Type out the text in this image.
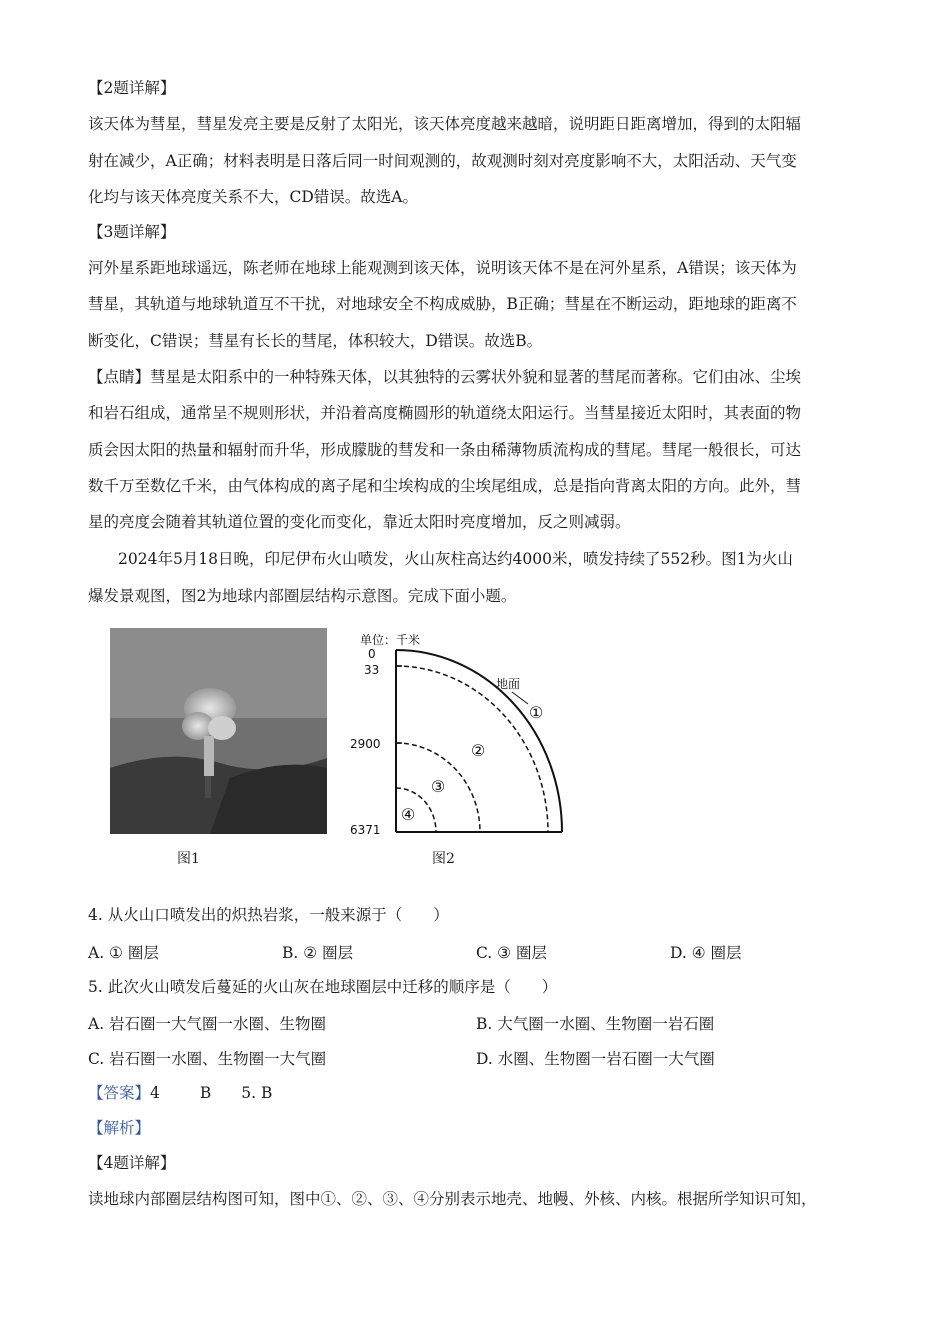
【2题详解】
该天体为彗星，彗星发亮主要是反射了太阳光，该天体亮度越来越暗，说明距日距离增加，得到的太阳辐
射在减少，A正确；材料表明是日落后同一时间观测的，故观测时刻对亮度影响不大，太阳活动、天气变
化均与该天体亮度关系不大，CD错误。故选A。
【3题详解】
河外星系距地球遥远，陈老师在地球上能观测到该天体，说明该天体不是在河外星系，A错误；该天体为
彗星，其轨道与地球轨道互不干扰，对地球安全不构成威胁，B正确；彗星在不断运动，距地球的距离不
断变化，C错误；彗星有长长的彗尾，体积较大，D错误。故选B。
【点睛】彗星是太阳系中的一种特殊天体，以其独特的云雾状外貌和显著的彗尾而著称。它们由冰、尘埃
和岩石组成，通常呈不规则形状，并沿着高度椭圆形的轨道绕太阳运行。当彗星接近太阳时，其表面的物
质会因太阳的热量和辐射而升华，形成朦胧的彗发和一条由稀薄物质流构成的彗尾。彗尾一般很长，可达
数千万至数亿千米，由气体构成的离子尾和尘埃构成的尘埃尾组成，总是指向背离太阳的方向。此外，彗
星的亮度会随着其轨道位置的变化而变化，靠近太阳时亮度增加，反之则减弱。
2024年5月18日晚，印尼伊布火山喷发，火山灰柱高达约4000米，喷发持续了552秒。图1为火山
爆发景观图，图2为地球内部圈层结构示意图。完成下面小题。
图1
单位：千米
0
33
2900
6371
地面
①
②
③
④
图2
4. 从火山口喷发出的炽热岩浆，一般来源于（　　）
A. ① 圈层	B. ② 圈层	C. ③ 圈层	D. ④ 圈层
5. 此次火山喷发后蔓延的火山灰在地球圈层中迁移的顺序是（　　）
A. 岩石圈一大气圈一水圈、生物圈	B. 大气圈一水圈、生物圈一岩石圈
C. 岩石圈一水圈、生物圈一大气圈	D. 水圈、生物圈一岩石圈一大气圈
【答案】4	B 5. B
【解析】
【4题详解】
读地球内部圈层结构图可知，图中①、②、③、④分别表示地壳、地幔、外核、内核。根据所学知识可知，
